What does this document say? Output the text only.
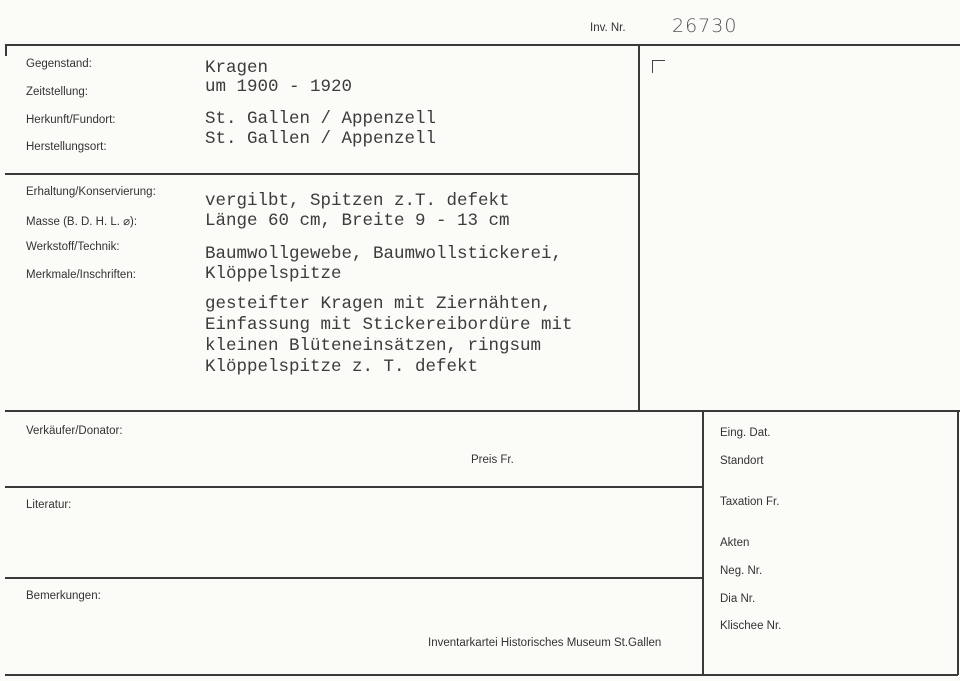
Inv. Nr. 26730
Gegenstand:
Zeitstellung:
Herkunft/Fundort:
Herstellungsort:
Kragen
um 1900 - 1920
St. Gallen / Appenzell
St. Gallen / Appenzell
Erhaltung/Konservierung:
Masse (B. D. H. L. ⌀):
Werkstoff/Technik:
Merkmale/Inschriften:
vergilbt, Spitzen z.T. defekt
Länge 60 cm, Breite 9 - 13 cm
Baumwollgewebe, Baumwollstickerei,
Klöppelspitze
gesteifter Kragen mit Ziernähten,
Einfassung mit Stickereibordüre mit
kleinen Blüteneinsätzen, ringsum
Klöppelspitze z. T. defekt
Verkäufer/Donator:
Preis Fr.
Literatur:
Bemerkungen:
Inventarkartei Historisches Museum St.Gallen
Eing. Dat.
Standort
Taxation Fr.
Akten
Neg. Nr.
Dia Nr.
Klischee Nr.
